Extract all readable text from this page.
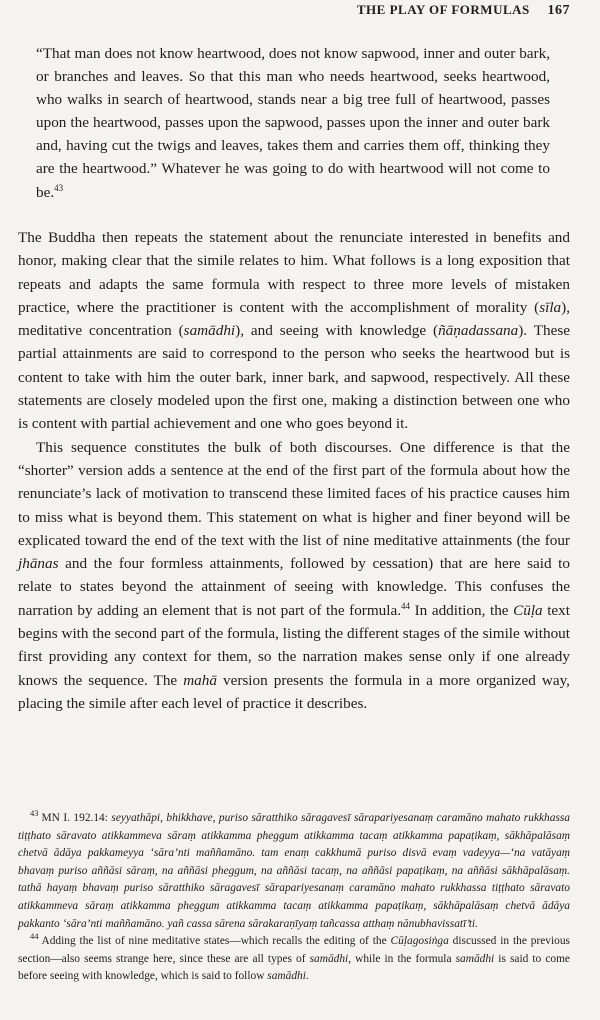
THE PLAY OF FORMULAS 167

“That man does not know heartwood, does not know sapwood, inner and outer bark, or branches and leaves. So that this man who needs heartwood, seeks heartwood, who walks in search of heartwood, stands near a big tree full of heartwood, passes upon the heartwood, passes upon the sapwood, passes upon the inner and outer bark and, having cut the twigs and leaves, takes them and carries them off, thinking they are the heartwood.” Whatever he was going to do with heartwood will not come to be.$^{43}$

The Buddha then repeats the statement about the renunciate interested in benefits and honor, making clear that the simile relates to him. What follows is a long exposition that repeats and adapts the same formula with respect to three more levels of mistaken practice, where the practitioner is content with the accomplishment of morality (sīla), meditative concentration (samādhi), and seeing with knowledge (ñāṇadassana). These partial attainments are said to correspond to the person who seeks the heartwood but is content to take with him the outer bark, inner bark, and sapwood, respectively. All these statements are closely modeled upon the first one, making a distinction between one who is content with partial achievement and one who goes beyond it.

This sequence constitutes the bulk of both discourses. One difference is that the “shorter” version adds a sentence at the end of the first part of the formula about how the renunciate’s lack of motivation to transcend these limited faces of his practice causes him to miss what is beyond them. This statement on what is higher and finer beyond will be explicated toward the end of the text with the list of nine meditative attainments (the four jhānas and the four formless attainments, followed by cessation) that are here said to relate to states beyond the attainment of seeing with knowledge. This confuses the narration by adding an element that is not part of the formula.$^{44}$ In addition, the Cūḷa text begins with the second part of the formula, listing the different stages of the simile without first providing any context for them, so the narration makes sense only if one already knows the sequence. The mahā version presents the formula in a more organized way, placing the simile after each level of practice it describes.

$^{43}$ MN I. 192.14: seyyathāpi, bhikkhave, puriso sāratthiko sāragavesī sārapariyesanaṃ caramāno mahato rukkhassa tiṭṭhato sāravato atikkammeva sāraṃ atikkamma pheggum atikkamma tacaṃ atikkamma papaṭikaṃ, sākhāpalāsaṃ chetvā ādāya pakkameyya ‘sāra’nti maññamāno. tam enaṃ cakkhumā puriso disvā evaṃ vadeyya—‘na vatāyaṃ bhavaṃ puriso aññāsi sāraṃ, na aññāsi pheggum, na aññāsi tacaṃ, na aññāsi papaṭikaṃ, na aññāsi sākhāpalāsaṃ. tathā hayaṃ bhavaṃ puriso sāratthiko sāragavesī sārapariyesanaṃ caramāno mahato rukkhassa tiṭṭhato sāravato atikkammeva sāraṃ atikkamma pheggum atikkamma tacaṃ atikkamma papaṭikaṃ, sākhāpalāsaṃ chetvā ādāya pakkanto ‘sāra’nti maññamāno. yañ cassa sārena sārakaraṇīyaṃ tañcassa atthaṃ nānubhavissatī’ti.

$^{44}$ Adding the list of nine meditative states—which recalls the editing of the Cūḷagosiṅga discussed in the previous section—also seems strange here, since these are all types of samādhi, while in the formula samādhi is said to come before seeing with knowledge, which is said to follow samādhi.
